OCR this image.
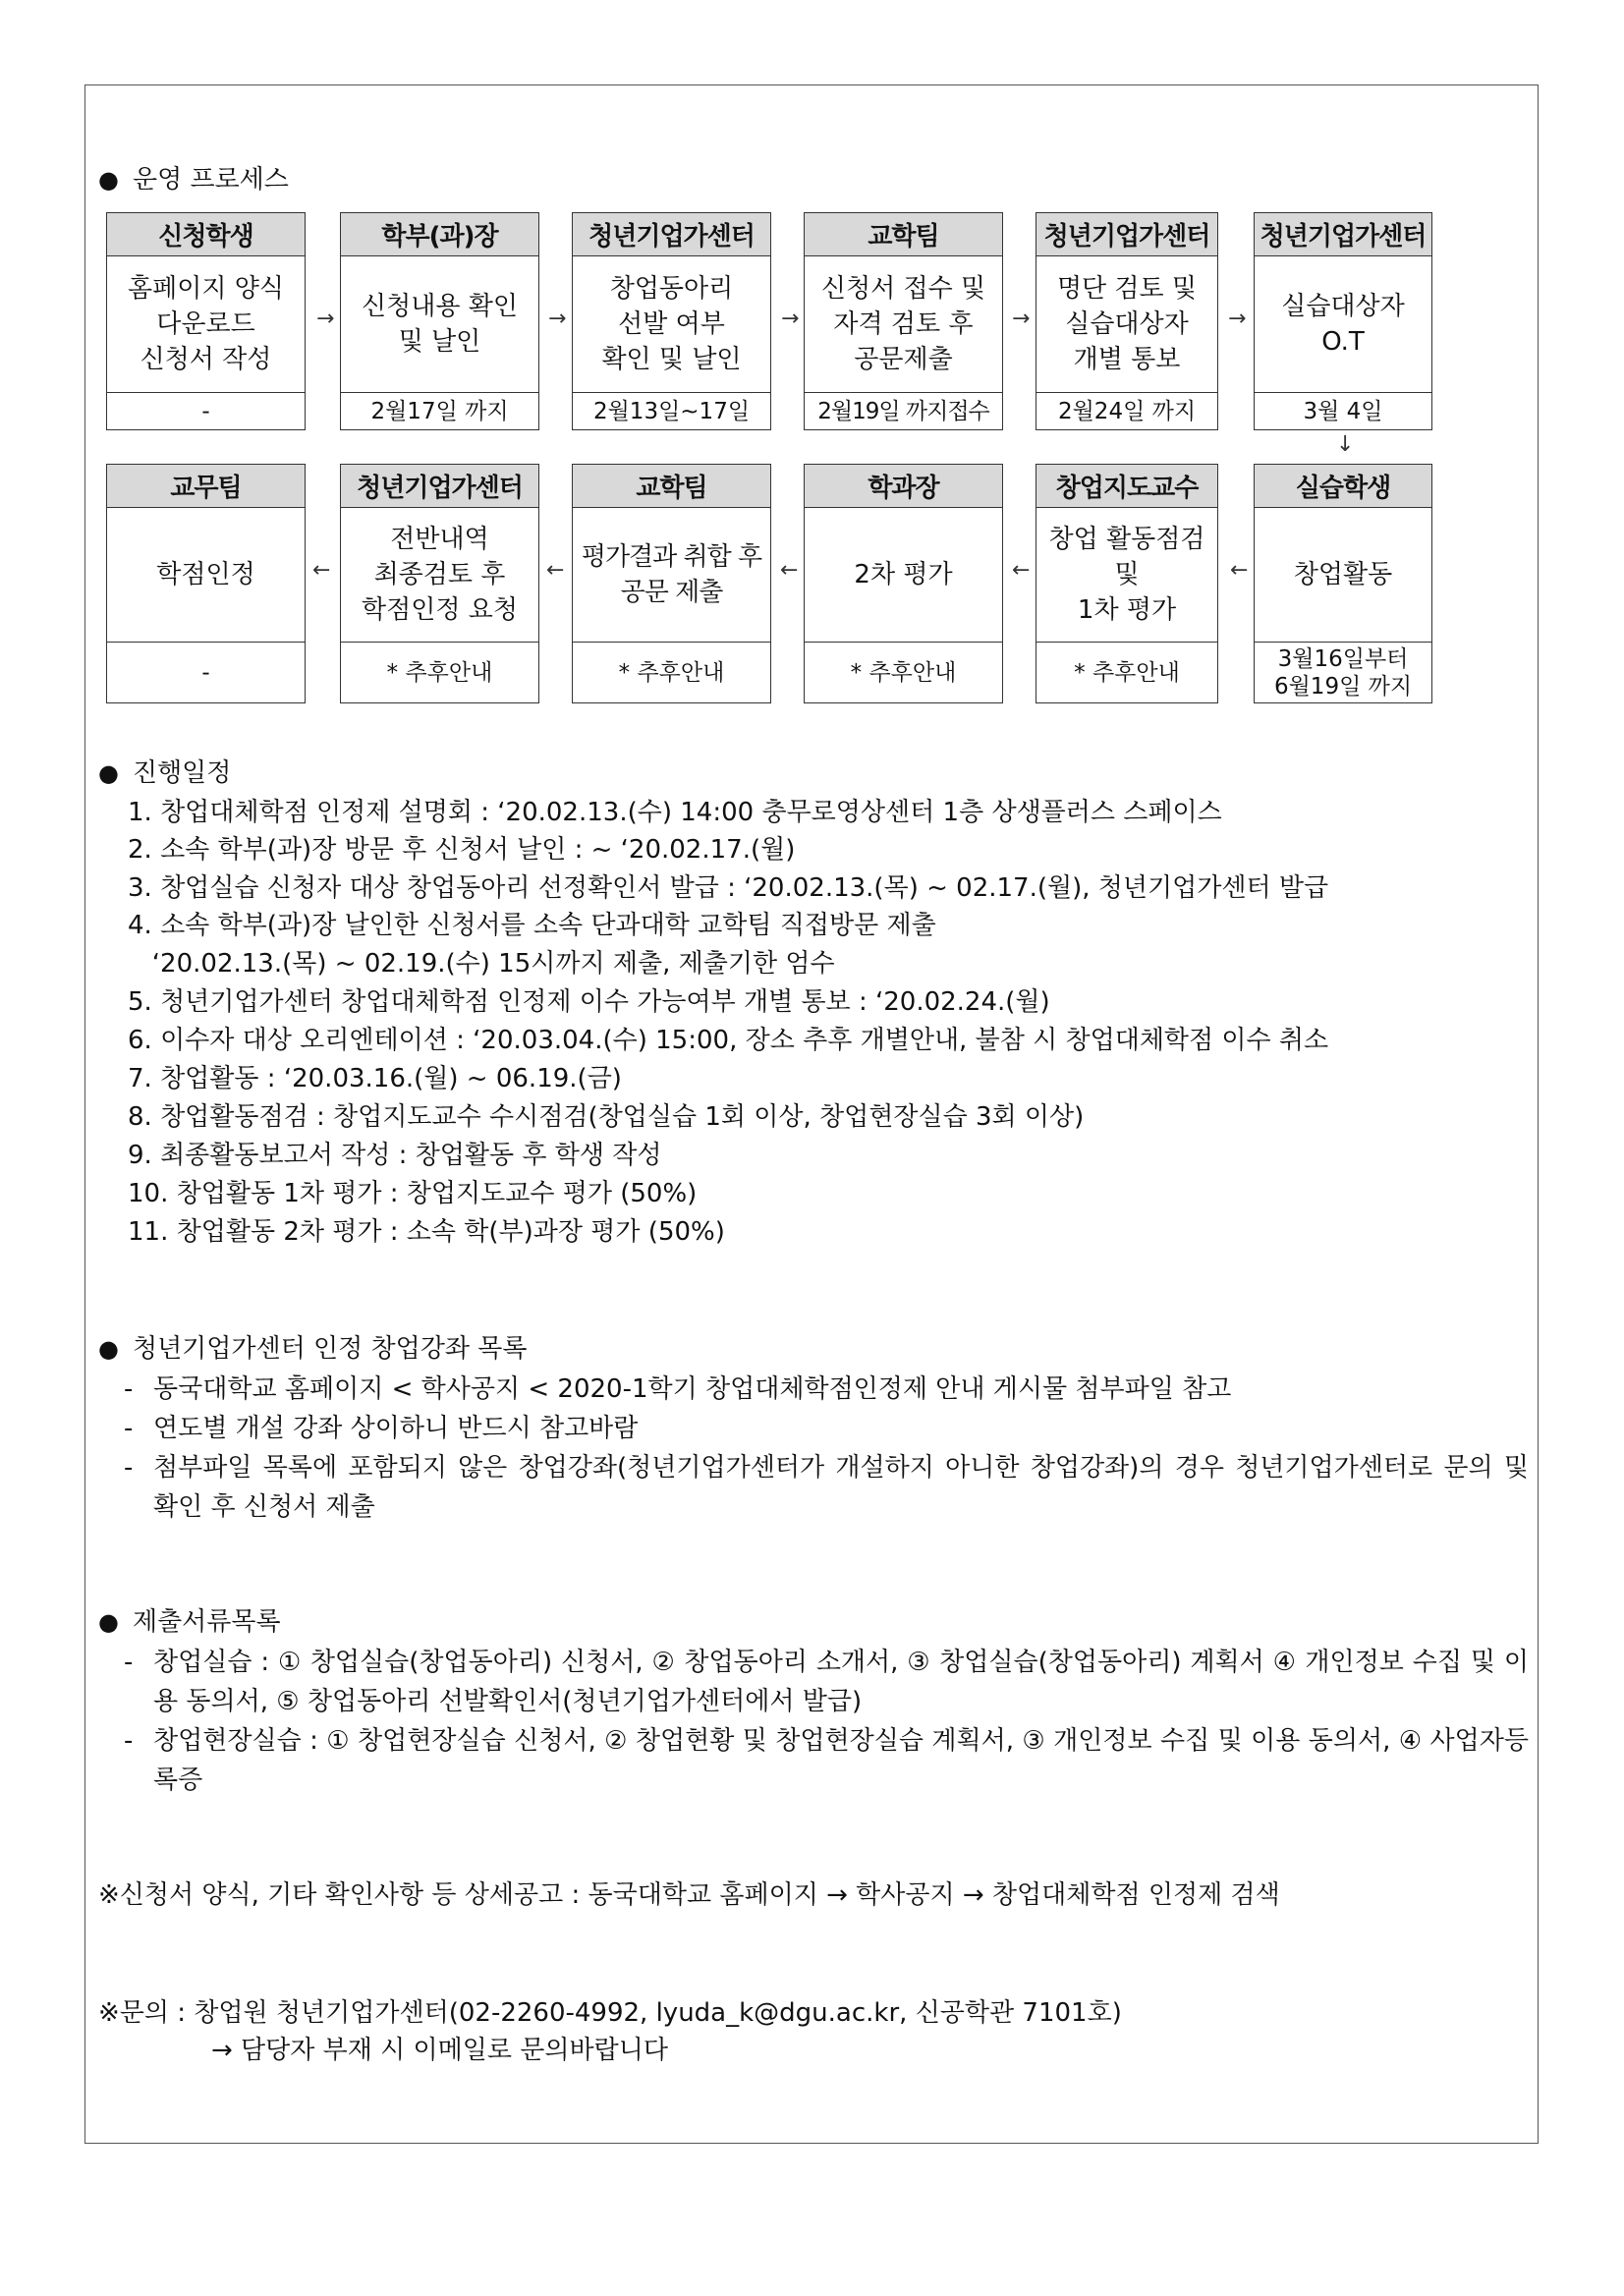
● 운영 프로세스
신청학생
홈페이지 양식
다운로드
신청서 작성
-
학부(과)장
신청내용 확인
및 날인
2월17일 까지
청년기업가센터
창업동아리
선발 여부
확인 및 날인
2월13일~17일
교학팀
신청서 접수 및
자격 검토 후
공문제출
2월19일 까지접수
청년기업가센터
명단 검토 및
실습대상자
개별 통보
2월24일 까지
청년기업가센터
실습대상자
O.T
3월 4일
→	→	→	→	→
↓
교무팀
학점인정
-
청년기업가센터
전반내역
최종검토 후
학점인정 요청
* 추후안내
교학팀
평가결과 취합 후
공문 제출
* 추후안내
학과장
2차 평가
* 추후안내
창업지도교수
창업 활동점검
및
1차 평가
* 추후안내
실습학생
창업활동
3월16일부터
6월19일 까지
←	←	←	←	←
● 진행일정
1. 창업대체학점 인정제 설명회 : ‘20.02.13.(수) 14:00 충무로영상센터 1층 상생플러스 스페이스
2. 소속 학부(과)장 방문 후 신청서 날인 : ~ ‘20.02.17.(월)
3. 창업실습 신청자 대상 창업동아리 선정확인서 발급 : ‘20.02.13.(목) ~ 02.17.(월), 청년기업가센터 발급
4. 소속 학부(과)장 날인한 신청서를 소속 단과대학 교학팀 직접방문 제출
‘20.02.13.(목) ~ 02.19.(수) 15시까지 제출, 제출기한 엄수
5. 청년기업가센터 창업대체학점 인정제 이수 가능여부 개별 통보 : ‘20.02.24.(월)
6. 이수자 대상 오리엔테이션 : ‘20.03.04.(수) 15:00, 장소 추후 개별안내, 불참 시 창업대체학점 이수 취소
7. 창업활동 : ‘20.03.16.(월) ~ 06.19.(금)
8. 창업활동점검 : 창업지도교수 수시점검(창업실습 1회 이상, 창업현장실습 3회 이상)
9. 최종활동보고서 작성 : 창업활동 후 학생 작성
10. 창업활동 1차 평가 : 창업지도교수 평가 (50%)
11. 창업활동 2차 평가 : 소속 학(부)과장 평가 (50%)
● 청년기업가센터 인정 창업강좌 목록
- 동국대학교 홈페이지 < 학사공지 < 2020-1학기 창업대체학점인정제 안내 게시물 첨부파일 참고
- 연도별 개설 강좌 상이하니 반드시 참고바람
- 첨부파일 목록에 포함되지 않은 창업강좌(청년기업가센터가 개설하지 아니한 창업강좌)의 경우 청년기업가센터로 문의 및 확인 후 신청서 제출
● 제출서류목록
- 창업실습 : ① 창업실습(창업동아리) 신청서, ② 창업동아리 소개서, ③ 창업실습(창업동아리) 계획서 ④ 개인정보 수집 및 이용 동의서, ⑤ 창업동아리 선발확인서(청년기업가센터에서 발급)
- 창업현장실습 : ① 창업현장실습 신청서, ② 창업현황 및 창업현장실습 계획서, ③ 개인정보 수집 및 이용 동의서, ④ 사업자등록증
※신청서 양식, 기타 확인사항 등 상세공고 : 동국대학교 홈페이지 → 학사공지 → 창업대체학점 인정제 검색
※문의 : 창업원 청년기업가센터(02-2260-4992, lyuda_k@dgu.ac.kr, 신공학관 7101호)
→ 담당자 부재 시 이메일로 문의바랍니다
